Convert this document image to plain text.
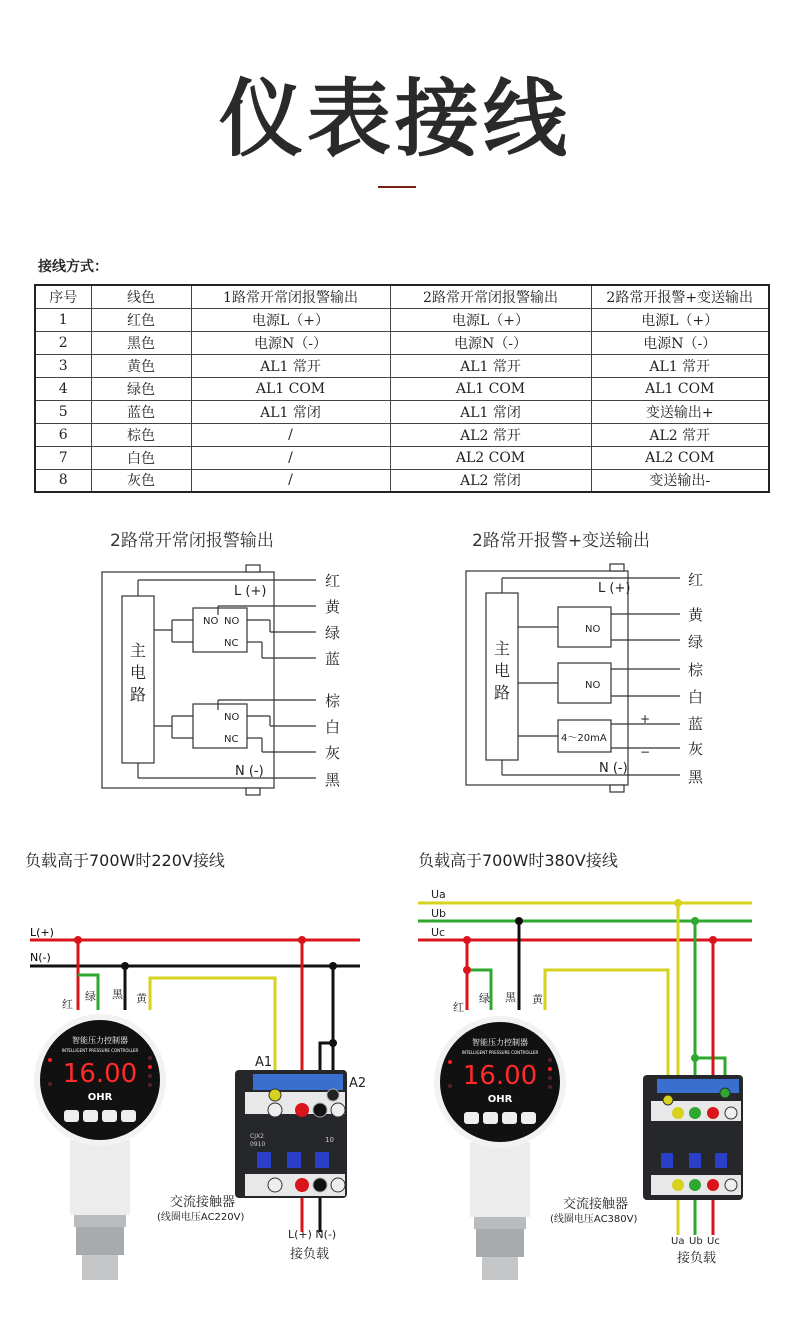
仪表接线
接线方式：
序号	线色	1路常开常闭报警输出	2路常开常闭报警输出	2路常开报警+变送输出
1	红色	电源L（+）	电源L（+）	电源L（+）
2	黑色	电源N（-）	电源N（-）	电源N（-）
3	黄色	AL1 常开	AL1 常开	AL1 常开
4	绿色	AL1 COM	AL1 COM	AL1 COM
5	蓝色	AL1 常闭	AL1 常闭	变送输出+
6	棕色	/	AL2 常开	AL2 常开
7	白色	/	AL2 COM	AL2 COM
8	灰色	/	AL2 常闭	变送输出-
2路常开常闭报警输出
NO NO
NC
NO
NC
L (+)
N (-)
主
电
路
红
黄
绿
蓝
棕
白
灰
黑
2路常开报警+变送输出
NO
NO
4～20mA
+
−
L (+)
N (-)
主
电
路
红
黄
绿
棕
白
蓝
灰
黑
负载高于700W时220V接线
L(+)
N(-)
红
绿 黑 黄
交流接触器
(线圈电压AC220V)
L(+) N(-)
接负载
CJX2
0910
10
A1
A2
智能压力控制器
INTELLIGENT PRESSURE CONTROLLER
16.00
OHR
负载高于700W时380V接线
Ua
Ub
Uc
红
绿 黑 黄
交流接触器
(线圈电压AC380V)
Ua Ub Uc
接负载
智能压力控制器
INTELLIGENT PRESSURE CONTROLLER
16.00
OHR
